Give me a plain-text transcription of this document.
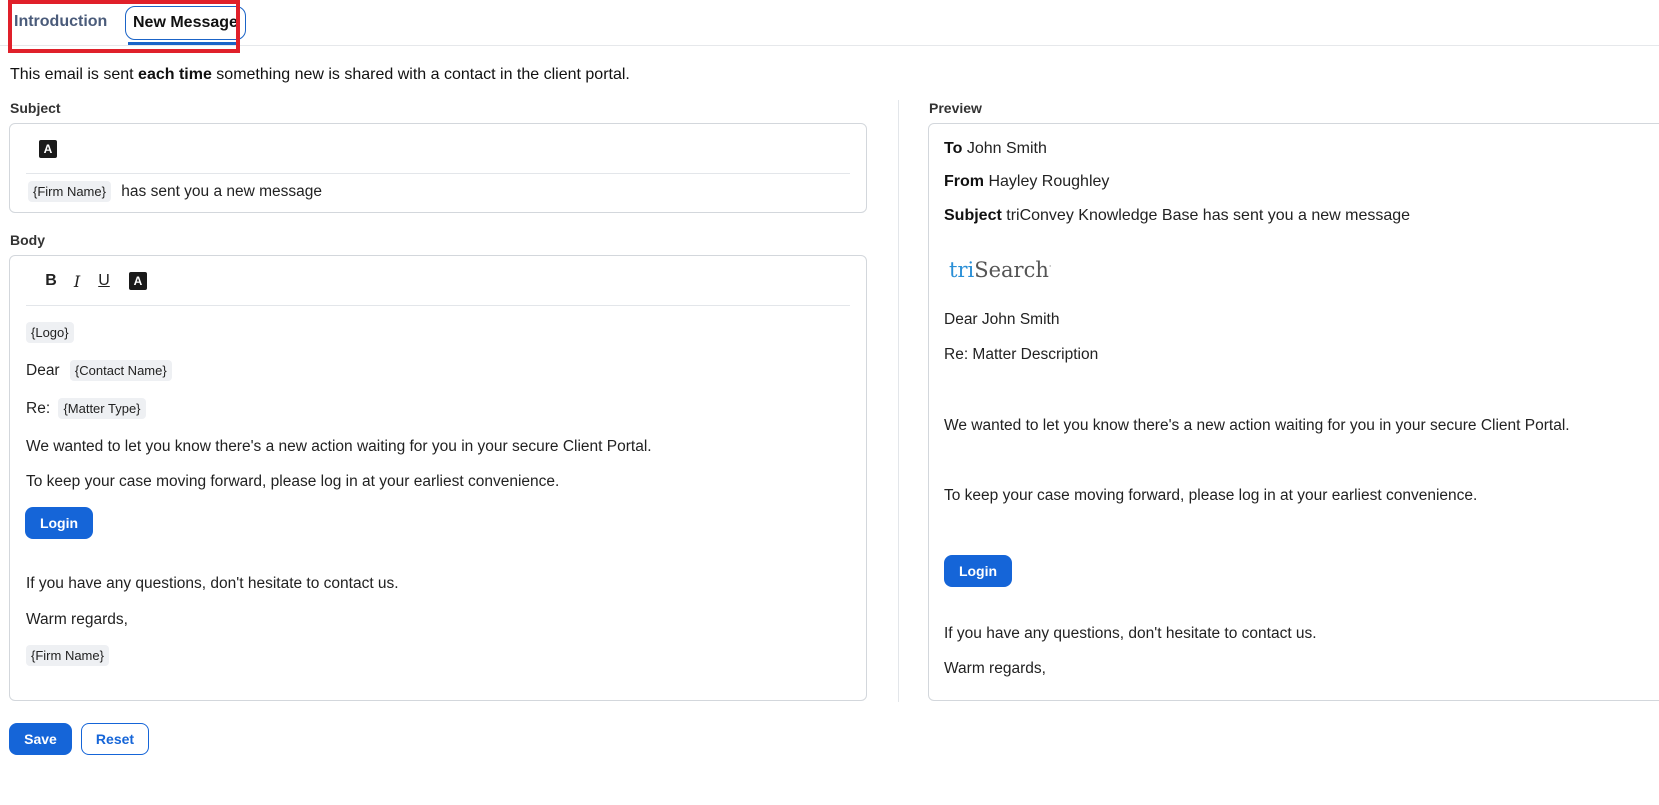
Introduction	New Message
This email is sent each time something new is shared with a contact in the client portal.
Subject
A
{Firm Name} has sent you a new message
Body
B	I	U	A
{Logo}
Dear {Contact Name}
Re: {Matter Type}
We wanted to let you know there's a new action waiting for you in your secure Client Portal.
To keep your case moving forward, please log in at your earliest convenience.
Login
If you have any questions, don't hesitate to contact us.
Warm regards,
{Firm Name}
Preview
To John Smith
From Hayley Roughley
Subject triConvey Knowledge Base has sent you a new message
triSearch·
Dear John Smith
Re: Matter Description
We wanted to let you know there's a new action waiting for you in your secure Client Portal.
To keep your case moving forward, please log in at your earliest convenience.
Login
If you have any questions, don't hesitate to contact us.
Warm regards,
Save	Reset
